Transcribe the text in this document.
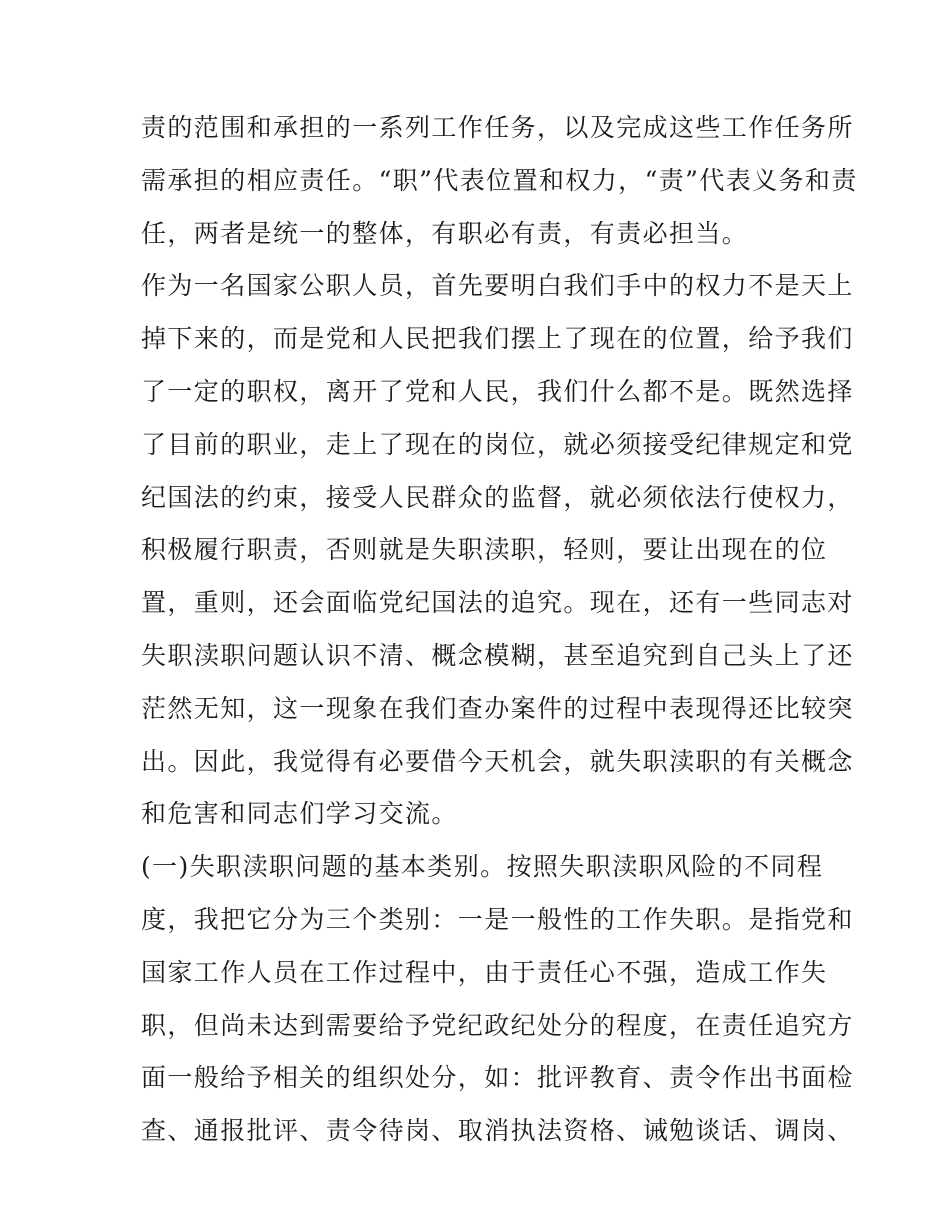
责的范围和承担的一系列工作任务，以及完成这些工作任务所
需承担的相应责任。“职”代表位置和权力，“责”代表义务和责
任，两者是统一的整体，有职必有责，有责必担当。
作为一名国家公职人员，首先要明白我们手中的权力不是天上
掉下来的，而是党和人民把我们摆上了现在的位置，给予我们
了一定的职权，离开了党和人民，我们什么都不是。既然选择
了目前的职业，走上了现在的岗位，就必须接受纪律规定和党
纪国法的约束，接受人民群众的监督，就必须依法行使权力，
积极履行职责，否则就是失职渎职，轻则，要让出现在的位
置，重则，还会面临党纪国法的追究。现在，还有一些同志对
失职渎职问题认识不清、概念模糊，甚至追究到自己头上了还
茫然无知，这一现象在我们查办案件的过程中表现得还比较突
出。因此，我觉得有必要借今天机会，就失职渎职的有关概念
和危害和同志们学习交流。
(一)失职渎职问题的基本类别。按照失职渎职风险的不同程
度，我把它分为三个类别：一是一般性的工作失职。是指党和
国家工作人员在工作过程中，由于责任心不强，造成工作失
职，但尚未达到需要给予党纪政纪处分的程度，在责任追究方
面一般给予相关的组织处分，如：批评教育、责令作出书面检
查、通报批评、责令待岗、取消执法资格、诫勉谈话、调岗、
